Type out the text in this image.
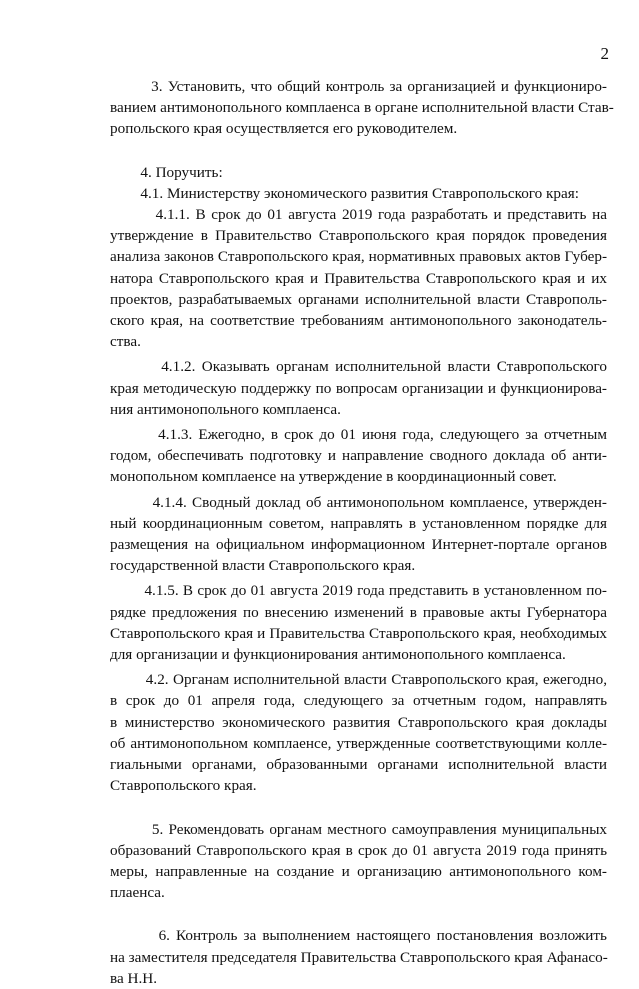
2

3. Установить, что общий контроль за организацией и функциониро-
ванием антимонопольного комплаенса в органе исполнительной власти Став-
ропольского края осуществляется его руководителем.

4. Поручить:

4.1. Министерству экономического развития Ставропольского края:

4.1.1. В срок до 01 августа 2019 года разработать и представить на
утверждение в Правительство Ставропольского края порядок проведения
анализа законов Ставропольского края, нормативных правовых актов Губер-
натора Ставропольского края и Правительства Ставропольского края и их
проектов, разрабатываемых органами исполнительной власти Ставрополь-
ского края, на соответствие требованиям антимонопольного законодатель-
ства.

4.1.2. Оказывать органам исполнительной власти Ставропольского
края методическую поддержку по вопросам организации и функционирова-
ния антимонопольного комплаенса.

4.1.3. Ежегодно, в срок до 01 июня года, следующего за отчетным
годом, обеспечивать подготовку и направление сводного доклада об анти-
монопольном комплаенсе на утверждение в координационный совет.

4.1.4. Сводный доклад об антимонопольном комплаенсе, утвержден-
ный координационным советом, направлять в установленном порядке для
размещения на официальном информационном Интернет-портале органов
государственной власти Ставропольского края.

4.1.5. В срок до 01 августа 2019 года представить в установленном по-
рядке предложения по внесению изменений в правовые акты Губернатора
Ставропольского края и Правительства Ставропольского края, необходимых
для организации и функционирования антимонопольного комплаенса.

4.2. Органам исполнительной власти Ставропольского края, ежегодно,
в срок до 01 апреля года, следующего за отчетным годом, направлять
в министерство экономического развития Ставропольского края доклады
об антимонопольном комплаенсе, утвержденные соответствующими колле-
гиальными органами, образованными органами исполнительной власти
Ставропольского края.

5. Рекомендовать органам местного самоуправления муниципальных
образований Ставропольского края в срок до 01 августа 2019 года принять
меры, направленные на создание и организацию антимонопольного ком-
плаенса.

6. Контроль за выполнением настоящего постановления возложить
на заместителя председателя Правительства Ставропольского края Афанасо-
ва Н.Н.
